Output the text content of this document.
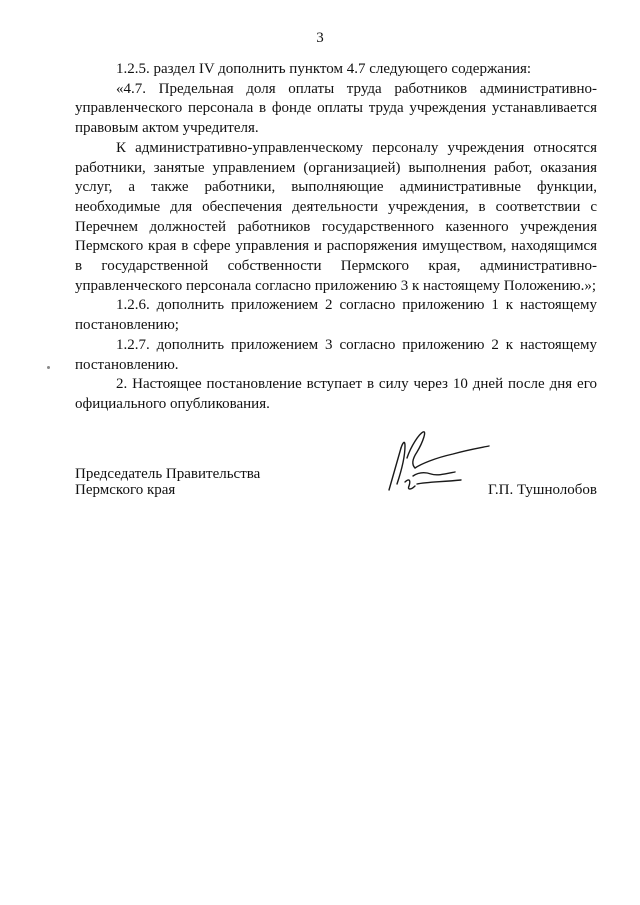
3

1.2.5. раздел IV дополнить пунктом 4.7 следующего содержания:

«4.7. Предельная доля оплаты труда работников административно-управленческого персонала в фонде оплаты труда учреждения устанавливается правовым актом учредителя.

К административно-управленческому персоналу учреждения относятся работники, занятые управлением (организацией) выполнения работ, оказания услуг, а также работники, выполняющие административные функции, необходимые для обеспечения деятельности учреждения, в соответствии с Перечнем должностей работников государственного казенного учреждения Пермского края в сфере управления и распоряжения имуществом, находящимся в государственной собственности Пермского края, административно-управленческого персонала согласно приложению 3 к настоящему Положению.»;

1.2.6. дополнить приложением 2 согласно приложению 1 к настоящему постановлению;

1.2.7. дополнить приложением 3 согласно приложению 2 к настоящему постановлению.

2. Настоящее постановление вступает в силу через 10 дней после дня его официального опубликования.

Председатель Правительства
Пермского края	Г.П. Тушнолобов
